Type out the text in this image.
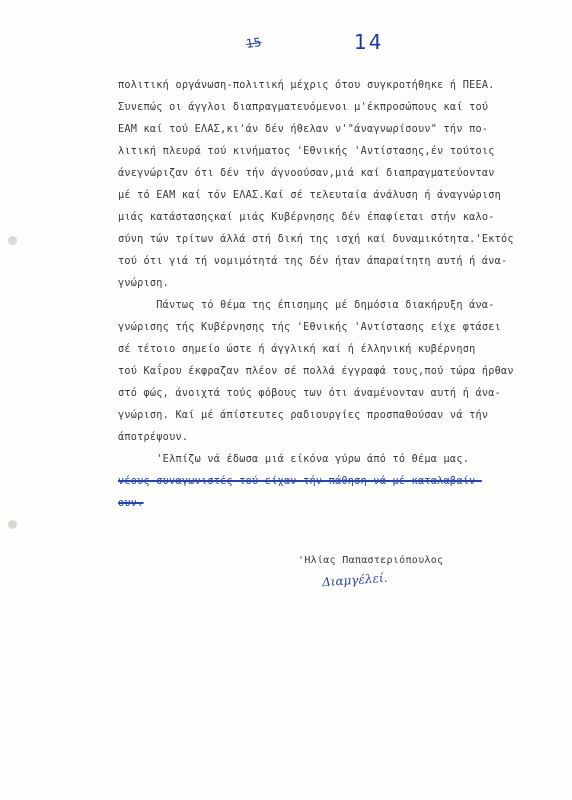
15	14
πολιτική οργάνωση-πολιτική μέχρις ότου συγκροτήθηκε ή ΠΕΕΑ.
Συνεπώς οι άγγλοι διαπραγματευόμενοι μ'έκπροσώπους καί τού
ΕΑΜ καί τού ΕΛΑΣ,κι'άν δέν ήθελαν ν'"άναγνωρίσουν" τήν πο-
λιτική πλευρά τού κινήματος 'Εθνικής 'Αντίστασης,έν τούτοις
άνεγνώριζαν ότι δέν τήν άγνοούσαν,μιά καί διαπραγματεύονταν
μέ τό ΕΑΜ καί τόν ΕΛΑΣ.Καί σέ τελευταία άνάλυση ή άναγνώριση
μιάς κατάστασηςκαί μιάς Κυβέρνησης δέν έπαφίεται στήν καλο-
σύνη τών τρίτων άλλά στή δική της ισχή καί δυναμικότητα.'Εκτός
τού ότι γιά τή νομιμότητά της δέν ήταν άπαραίτητη αυτή ή άνα-
γνώριση.
Πάντως τό θέμα της έπισημης μέ δημόσια διακήρυξη άνα-
γνώρισης τής Κυβέρνησης τής 'Εθνικής 'Αντίστασης είχε φτάσει
σέ τέτοιο σημείο ώστε ή άγγλική καί ή έλληνική κυβέρνηση
τού Καΐρου έκφραζαν πλέον σέ πολλά έγγραφά τους,πού τώρα ήρθαν
στό φώς, άνοιχτά τούς φόβους των ότι άναμένονταν αυτή ή άνα-
γνώριση. Καί μέ άπίστευτες ραδιουργίες προσπαθούσαν νά τήν
άποτρέψουν.
'Ελπίζω νά έδωσα μιά είκόνα γύρω άπό τό θέμα μας.
νέους συναγωνιστές τού είχαν τήν πάθηση νά μέ καταλαβαίν-
ουν.
'Ηλίας Παπαστεριόπουλος
Διαμγέλεί.
